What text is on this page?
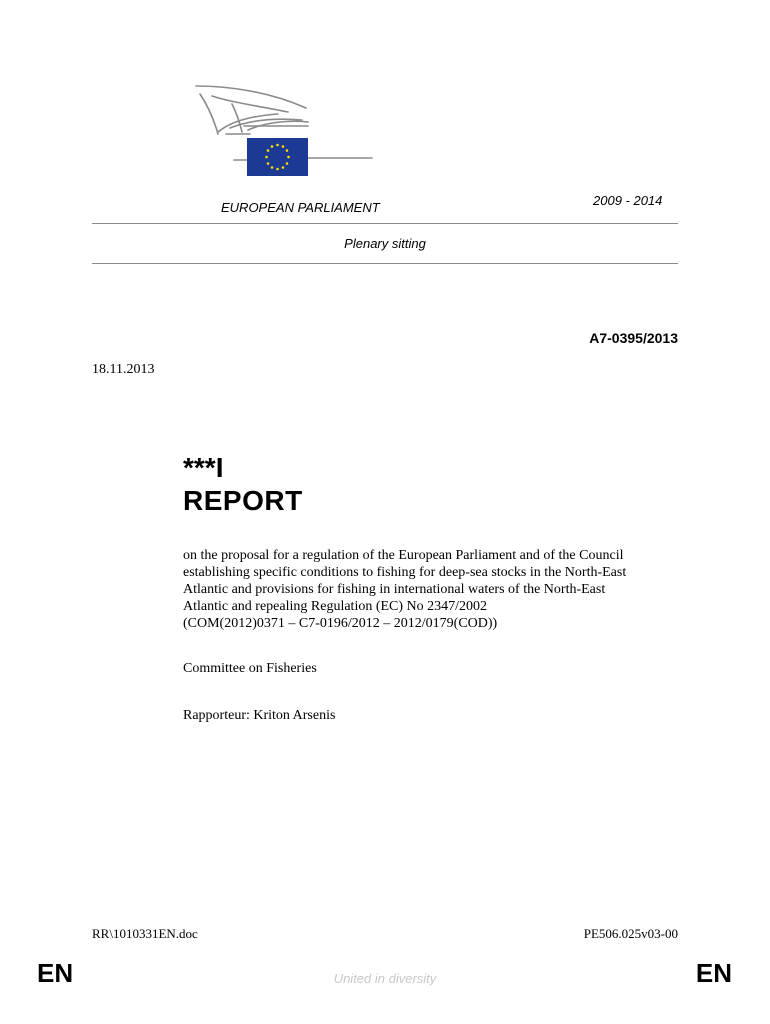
EUROPEAN PARLIAMENT	2009 - 2014
Plenary sitting
A7-0395/2013
18.11.2013
***I
REPORT
on the proposal for a regulation of the European Parliament and of the Council
establishing specific conditions to fishing for deep-sea stocks in the North-East
Atlantic and provisions for fishing in international waters of the North-East
Atlantic and repealing Regulation (EC) No 2347/2002
(COM(2012)0371 – C7-0196/2012 – 2012/0179(COD))
Committee on Fisheries
Rapporteur: Kriton Arsenis
RR\1010331EN.doc	PE506.025v03-00
EN	United in diversity	EN
